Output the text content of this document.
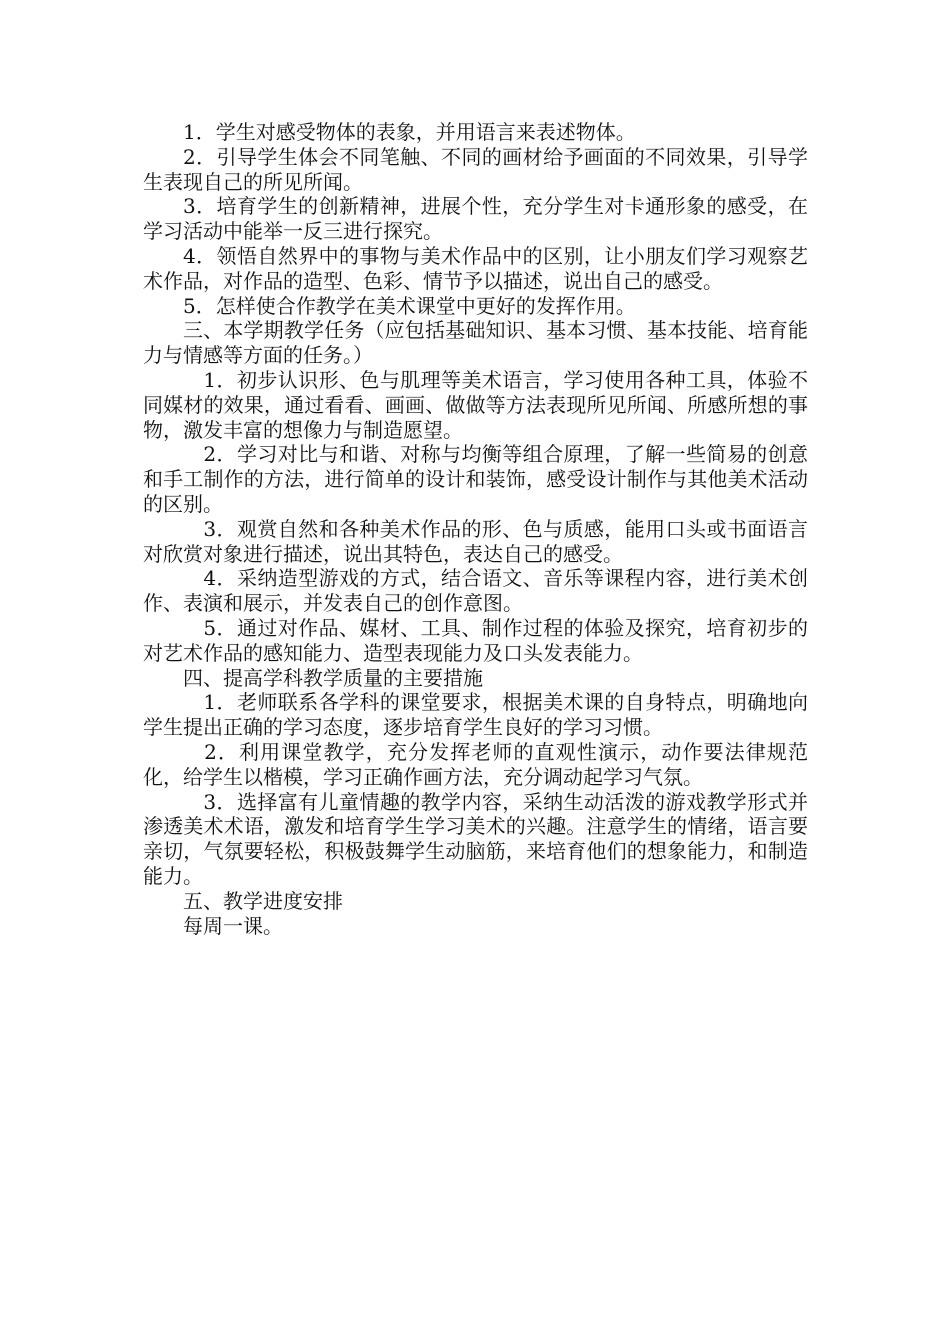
1．学生对感受物体的表象，并用语言来表述物体。

2．引导学生体会不同笔触、不同的画材给予画面的不同效果，引导学生表现自己的所见所闻。

3．培育学生的创新精神，进展个性，充分学生对卡通形象的感受，在学习活动中能举一反三进行探究。

4．领悟自然界中的事物与美术作品中的区别，让小朋友们学习观察艺术作品，对作品的造型、色彩、情节予以描述，说出自己的感受。

5．怎样使合作教学在美术课堂中更好的发挥作用。

三、本学期教学任务（应包括基础知识、基本习惯、基本技能、培育能力与情感等方面的任务。）

　1．初步认识形、色与肌理等美术语言，学习使用各种工具，体验不同媒材的效果，通过看看、画画、做做等方法表现所见所闻、所感所想的事物，激发丰富的想像力与制造愿望。

　2．学习对比与和谐、对称与均衡等组合原理，了解一些简易的创意和手工制作的方法，进行简单的设计和装饰，感受设计制作与其他美术活动的区别。

　3．观赏自然和各种美术作品的形、色与质感，能用口头或书面语言对欣赏对象进行描述，说出其特色，表达自己的感受。

　4．采纳造型游戏的方式，结合语文、音乐等课程内容，进行美术创作、表演和展示，并发表自己的创作意图。

　5．通过对作品、媒材、工具、制作过程的体验及探究，培育初步的对艺术作品的感知能力、造型表现能力及口头发表能力。

四、提高学科教学质量的主要措施

　1．老师联系各学科的课堂要求，根据美术课的自身特点，明确地向学生提出正确的学习态度，逐步培育学生良好的学习习惯。

　2．利用课堂教学，充分发挥老师的直观性演示，动作要法律规范化，给学生以楷模，学习正确作画方法，充分调动起学习气氛。

　3．选择富有儿童情趣的教学内容，采纳生动活泼的游戏教学形式并渗透美术术语，激发和培育学生学习美术的兴趣。注意学生的情绪，语言要亲切，气氛要轻松，积极鼓舞学生动脑筋，来培育他们的想象能力，和制造能力。

五、教学进度安排

每周一课。
